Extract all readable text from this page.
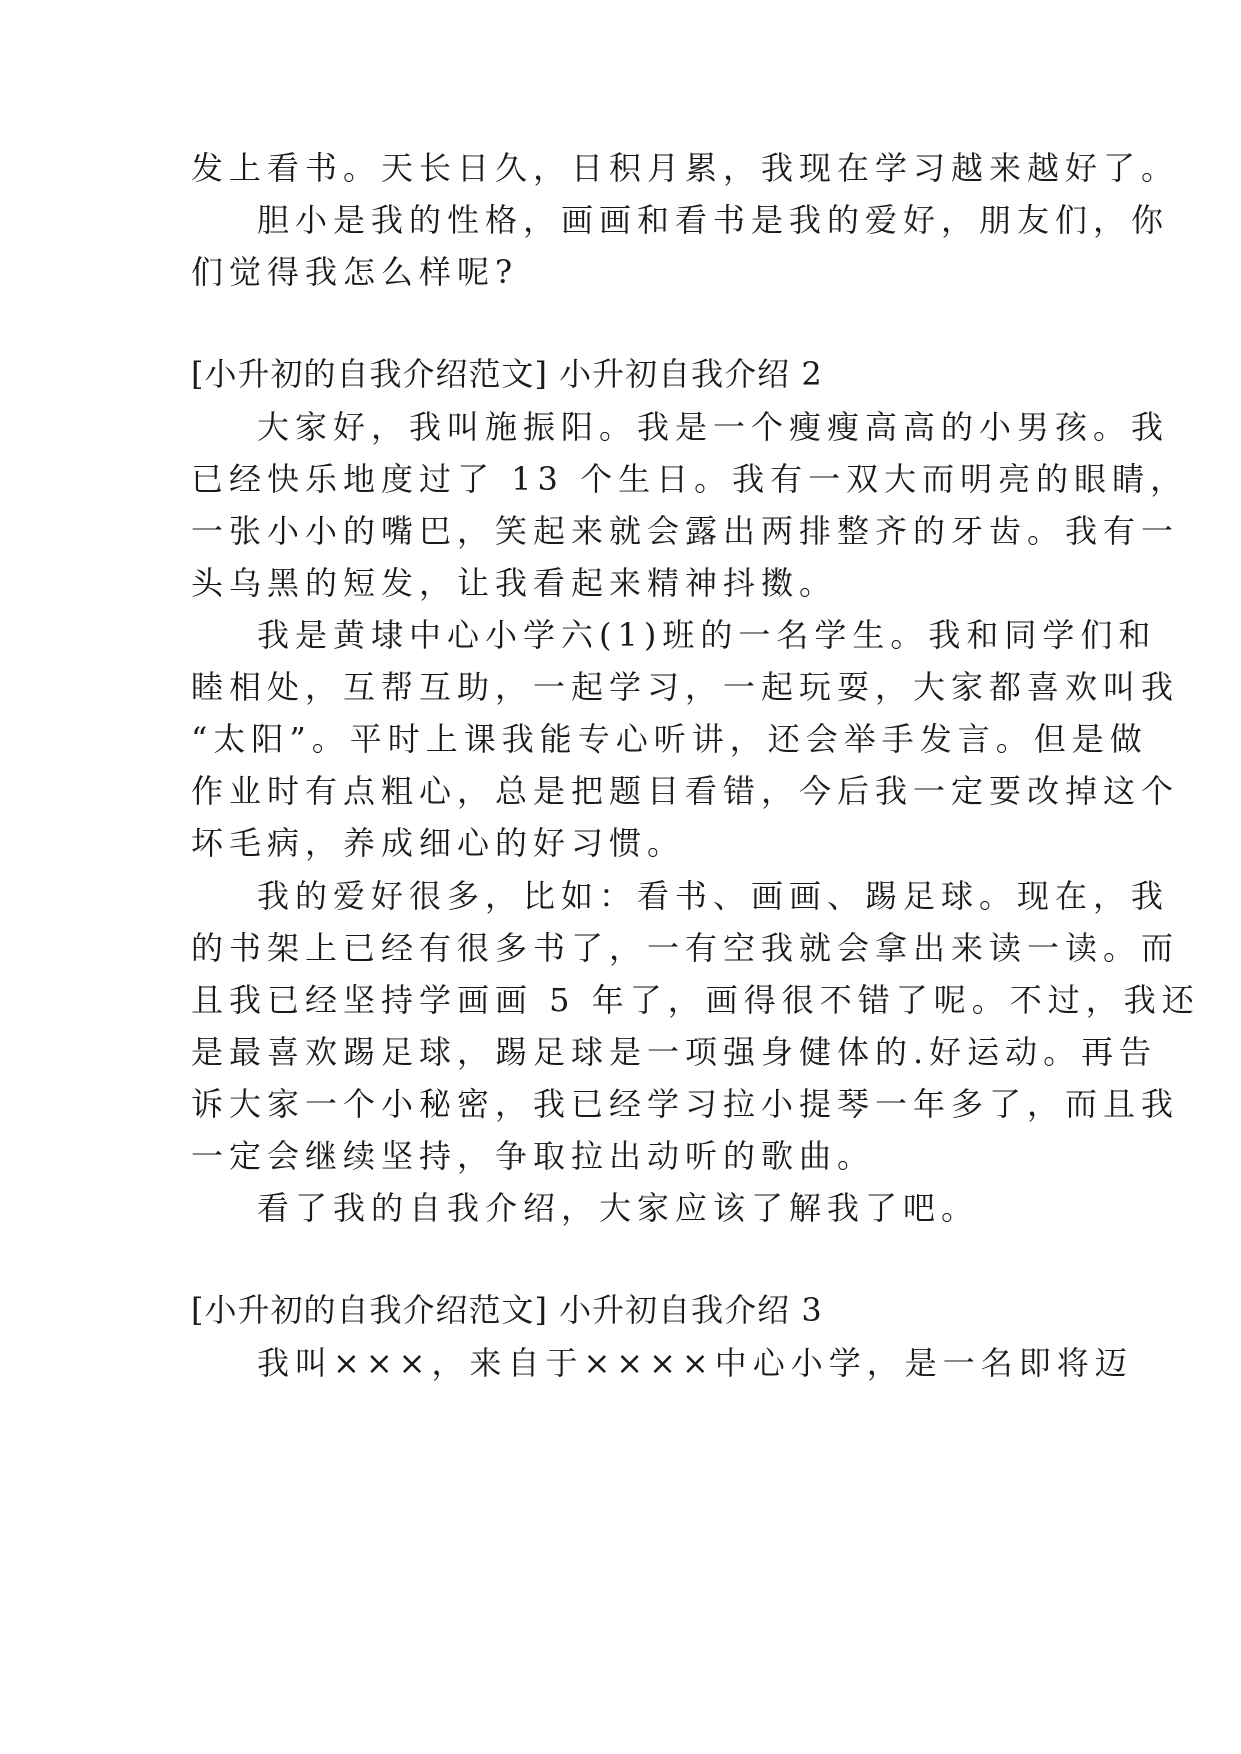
发上看书。天长日久，日积月累，我现在学习越来越好了。
胆小是我的性格，画画和看书是我的爱好，朋友们，你
们觉得我怎么样呢?
[小升初的自我介绍范文] 小升初自我介绍 2
大家好，我叫施振阳。我是一个瘦瘦高高的小男孩。我
已经快乐地度过了 13 个生日。我有一双大而明亮的眼睛，
一张小小的嘴巴，笑起来就会露出两排整齐的牙齿。我有一
头乌黑的短发，让我看起来精神抖擞。
我是黄埭中心小学六(1)班的一名学生。我和同学们和
睦相处，互帮互助，一起学习，一起玩耍，大家都喜欢叫我
“太阳”。平时上课我能专心听讲，还会举手发言。但是做
作业时有点粗心，总是把题目看错，今后我一定要改掉这个
坏毛病，养成细心的好习惯。
我的爱好很多，比如：看书、画画、踢足球。现在，我
的书架上已经有很多书了，一有空我就会拿出来读一读。而
且我已经坚持学画画 5 年了，画得很不错了呢。不过，我还
是最喜欢踢足球，踢足球是一项强身健体的.好运动。再告
诉大家一个小秘密，我已经学习拉小提琴一年多了，而且我
一定会继续坚持，争取拉出动听的歌曲。
看了我的自我介绍，大家应该了解我了吧。
[小升初的自我介绍范文] 小升初自我介绍 3
我叫×××，来自于××××中心小学，是一名即将迈
